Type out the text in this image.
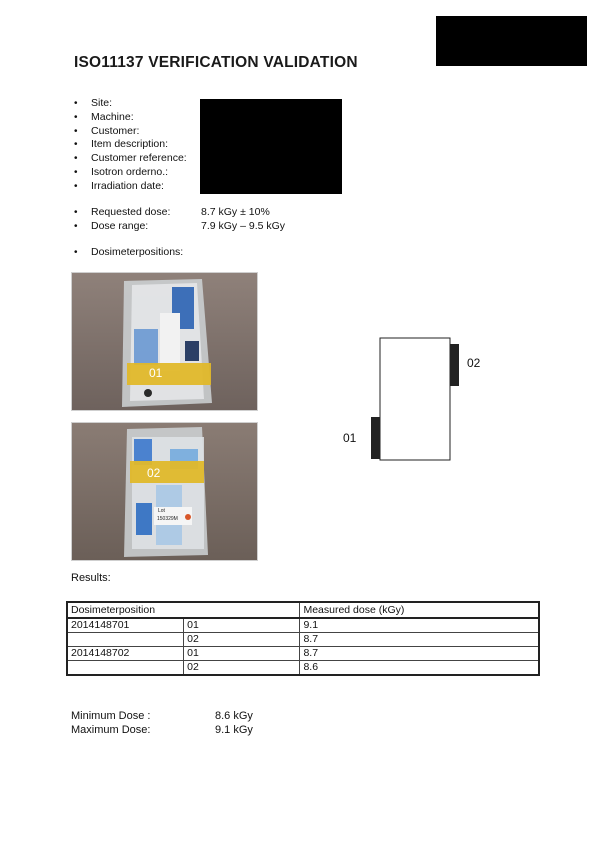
ISO11137 VERIFICATION VALIDATION
• Site:
• Machine:
• Customer:
• Item description:
• Customer reference:
• Isotron orderno.:
• Irradiation date:
• Requested dose:	8.7 kGy ± 10%
• Dose range:	7.9 kGy – 9.5 kGy
• Dosimeterpositions:
01
02
Lot
150329M
02
01
Results:
Dosimeterposition		Measured dose (kGy)
2014148701	01	9.1
	02	8.7
2014148702	01	8.7
	02	8.6
Minimum Dose :	8.6 kGy
Maximum Dose:	9.1 kGy
